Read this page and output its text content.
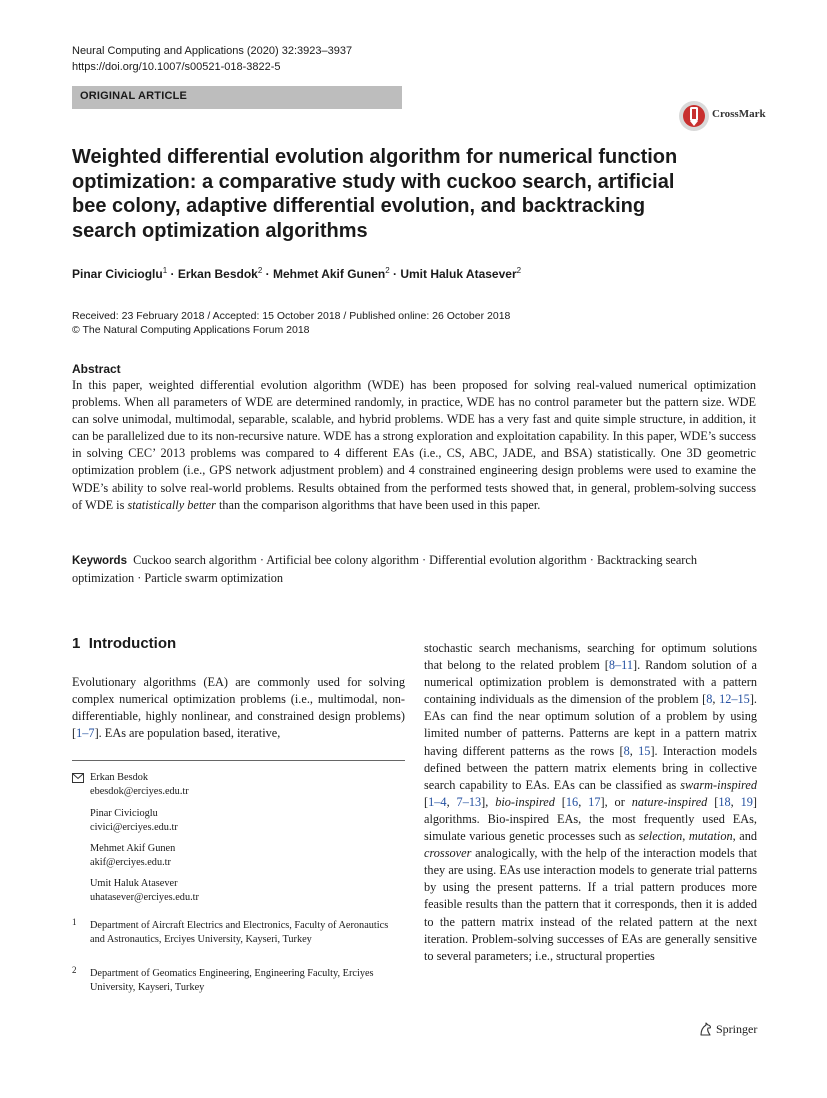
Neural Computing and Applications (2020) 32:3923–3937
https://doi.org/10.1007/s00521-018-3822-5
ORIGINAL ARTICLE
CrossMark
Weighted differential evolution algorithm for numerical function optimization: a comparative study with cuckoo search, artificial bee colony, adaptive differential evolution, and backtracking search optimization algorithms
Pinar Civicioglu$^1$ · Erkan Besdok$^2$ · Mehmet Akif Gunen$^2$ · Umit Haluk Atasever$^2$
Received: 23 February 2018 / Accepted: 15 October 2018 / Published online: 26 October 2018
© The Natural Computing Applications Forum 2018
Abstract

In this paper, weighted differential evolution algorithm (WDE) has been proposed for solving real-valued numerical optimization problems. When all parameters of WDE are determined randomly, in practice, WDE has no control parameter but the pattern size. WDE can solve unimodal, multimodal, separable, scalable, and hybrid problems. WDE has a very fast and quite simple structure, in addition, it can be parallelized due to its non-recursive nature. WDE has a strong exploration and exploitation capability. In this paper, WDE’s success in solving CEC’ 2013 problems was compared to 4 different EAs (i.e., CS, ABC, JADE, and BSA) statistically. One 3D geometric optimization problem (i.e., GPS network adjustment problem) and 4 constrained engineering design problems were used to examine the WDE’s ability to solve real-world problems. Results obtained from the performed tests showed that, in general, problem-solving success of WDE is statistically better than the comparison algorithms that have been used in this paper.

Keywords Cuckoo search algorithm · Artificial bee colony algorithm · Differential evolution algorithm · Backtracking search optimization · Particle swarm optimization

1 Introduction

Evolutionary algorithms (EA) are commonly used for solving complex numerical optimization problems (i.e., multimodal, non-differentiable, highly nonlinear, and constrained design problems) [1–7]. EAs are population based, iterative,

stochastic search mechanisms, searching for optimum solutions that belong to the related problem [8–11]. Random solution of a numerical optimization problem is demonstrated with a pattern containing individuals as the dimension of the problem [8, 12–15]. EAs can find the near optimum solution of a problem by using limited number of patterns. Patterns are kept in a pattern matrix having different patterns as the rows [8, 15]. Interaction models defined between the pattern matrix elements bring in collective search capability to EAs. EAs can be classified as swarm-inspired [1–4, 7–13], bio-inspired [16, 17], or nature-inspired [18, 19] algorithms. Bio-inspired EAs, the most frequently used EAs, simulate various genetic processes such as selection, mutation, and crossover analogically, with the help of the interaction models that they are using. EAs use interaction models to generate trial patterns by using the present patterns. If a trial pattern produces more feasible results than the pattern that it corresponds, then it is added to the pattern matrix instead of the related pattern at the next iteration. Problem-solving successes of EAs are generally sensitive to several parameters; i.e., structural properties

Erkan Besdok
ebesdok@erciyes.edu.tr
Pinar Civicioglu
civici@erciyes.edu.tr
Mehmet Akif Gunen
akif@erciyes.edu.tr
Umit Haluk Atasever
uhatasever@erciyes.edu.tr
1 Department of Aircraft Electrics and Electronics, Faculty of Aeronautics and Astronautics, Erciyes University, Kayseri, Turkey

2 Department of Geomatics Engineering, Engineering Faculty, Erciyes University, Kayseri, Turkey

Springer
